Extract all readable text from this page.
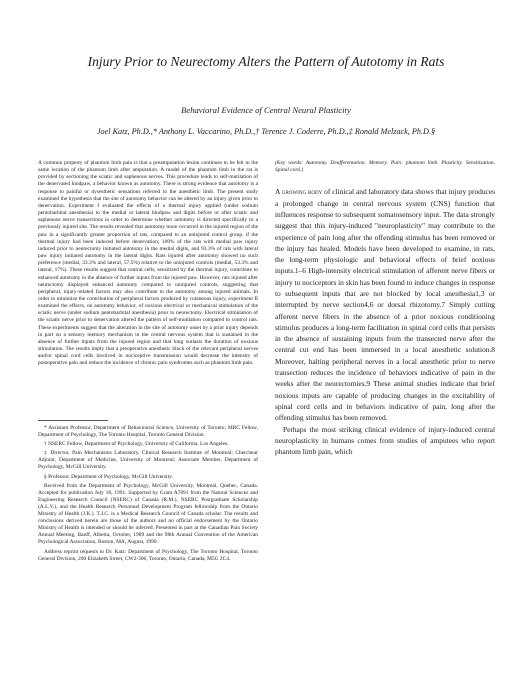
Injury Prior to Neurectomy Alters the Pattern of Autotomy in Rats

Behavioral Evidence of Central Neural Plasticity

Joel Katz, Ph.D.,* Anthony L. Vaccarino, Ph.D.,† Terence J. Coderre, Ph.D.,‡ Ronald Melzack, Ph.D.§

A common property of phantom limb pain is that a preamputation lesion continues to be felt in the same location of the phantom limb after amputation. A model of the phantom limb in the rat is provided by sectioning the sciatic and saphenous nerves. This procedure leads to self-mutilation of the denervated hindpaw, a behavior known as autotomy. There is strong evidence that autotomy is a response to painful or dysesthetic sensations referred to the anesthetic limb. The present study examined the hypothesis that the site of autotomy behavior can be altered by an injury given prior to denervation. Experiment I evaluated the effects of a thermal injury applied (under sodium pentobarbital anesthesia) to the medial or lateral hindpaw and digits before or after sciatic and saphenous nerve transections in order to determine whether autotomy is directed specifically to a previously injured site. The results revealed that autotomy more occurred in the injured region of the paw in a significantly greater proportion of rats, compared to an uninjured control group, if the thermal injury had been induced before denervation; 100% of the rats with medial paw injury induced prior to neurectomy initiated autotomy in the medial digits, and 93.3% of rats with lateral paw injury initiated autotomy in the lateral digits. Rats injured after autotomy showed no such preference (medial, 33.3% and lateral, 57.5%) relative to the uninjured controls (medial, 53.3% and lateral, 17%). These results suggest that central cells, sensitized by the thermal injury, contribute to enhanced autotomy in the absence of further inputs from the injured paw. However, rats injured after neurectomy displayed enhanced autotomy compared to uninjured controls, suggesting that peripheral, injury-related factors may also contribute to the autotomy among injured animals. In order to minimize the contribution of peripheral factors produced by cutaneous injury, experiment II examined the effects, on autotomy behavior, of noxious electrical or mechanical stimulation of the sciatic nerve (under sodium pentobarbital anesthesia) prior to neurectomy. Electrical stimulation of the sciatic nerve prior to denervation altered the pattern of self-mutilation compared to control rats. These experiments suggest that the alteration in the site of autotomy onset by a prior injury depends in part on a sensory memory mechanism in the central nervous system that is sustained in the absence of further inputs from the injured region and that long outlasts the duration of noxious stimulation. The results imply that a preoperative anesthetic block of the relevant peripheral nerves and/or spinal cord cells involved in nociceptive transmission would decrease the intensity of postoperative pain and reduce the incidence of chronic pain syndromes such as phantom limb pain.

* Assistant Professor, Department of Behavioural Science, University of Toronto; MRC Fellow, Department of Psychology, The Toronto Hospital, Toronto General Division.

† NSERC Fellow, Department of Psychology, University of California, Los Angeles.

‡ Director, Pain Mechanisms Laboratory, Clinical Research Institute of Montreal; Chercheur Adjoint, Department of Medicine, University of Montreal; Associate Member, Department of Psychology, McGill University.

§ Professor, Department of Psychology, McGill University.

Received from the Department of Psychology, McGill University, Montreal, Quebec, Canada. Accepted for publication July 18, 1991. Supported by Grant A7891 from the Natural Sciences and Engineering Research Council (NSERC) of Canada (R.M.), NSERC Postgraduate Scholarship (A.L.V.), and the Health Research Personnel Development Program fellowship from the Ontario Ministry of Health (J.K.). T.J.C. is a Medical Research Council of Canada scholar. The results and conclusions derived herein are those of the authors and no official endorsement by the Ontario Ministry of Health is intended or should be inferred. Presented in part at the Canadian Pain Society Annual Meeting, Banff, Alberta, October, 1989 and the 98th Annual Convention of the American Psychological Association, Boston, MA, August, 1990.

Address reprint requests to Dr. Katz: Department of Psychology, The Toronto Hospital, Toronto General Division, 200 Elizabeth Street, CW2-306, Toronto, Ontario, Canada, M5G 2C4.

(Key words: Autotomy. Deafferentation. Memory. Pain: phantom limb. Plasticity. Sensitization. Spinal cord.)

A growing body of clinical and laboratory data shows that injury produces a prolonged change in central nervous system (CNS) function that influences response to subsequent somatosensory input. The data strongly suggest that this injury-induced "neuroplasticity" may contribute to the experience of pain long after the offending stimulus has been removed or the injury has healed. Models have been developed to examine, in rats, the long-term physiologic and behavioral effects of brief noxious inputs.1–6 High-intensity electrical stimulation of afferent nerve fibers or injury to nociceptors in skin has been found to induce changes in response to subsequent inputs that are not blocked by local anesthesia1,3 or interrupted by nerve section4,6 or dorsal rhizotomy.7 Simply cutting afferent nerve fibers in the absence of a prior noxious conditioning stimulus produces a long-term facilitation in spinal cord cells that persists in the absence of sustaining inputs from the transected nerve after the central cut end has been immersed in a local anesthetic solution.8 Moreover, halting peripheral nerves in a local anesthetic prior to nerve transection reduces the incidence of behaviors indicative of pain in the weeks after the neurectomies.9 These animal studies indicate that brief noxious inputs are capable of producing changes in the excitability of spinal cord cells and in behaviors indicative of pain, long after the offending stimulus has been removed.

Perhaps the most striking clinical evidence of injury-induced central neuroplasticity in humans comes from studies of amputees who report phantom limb pain, which
